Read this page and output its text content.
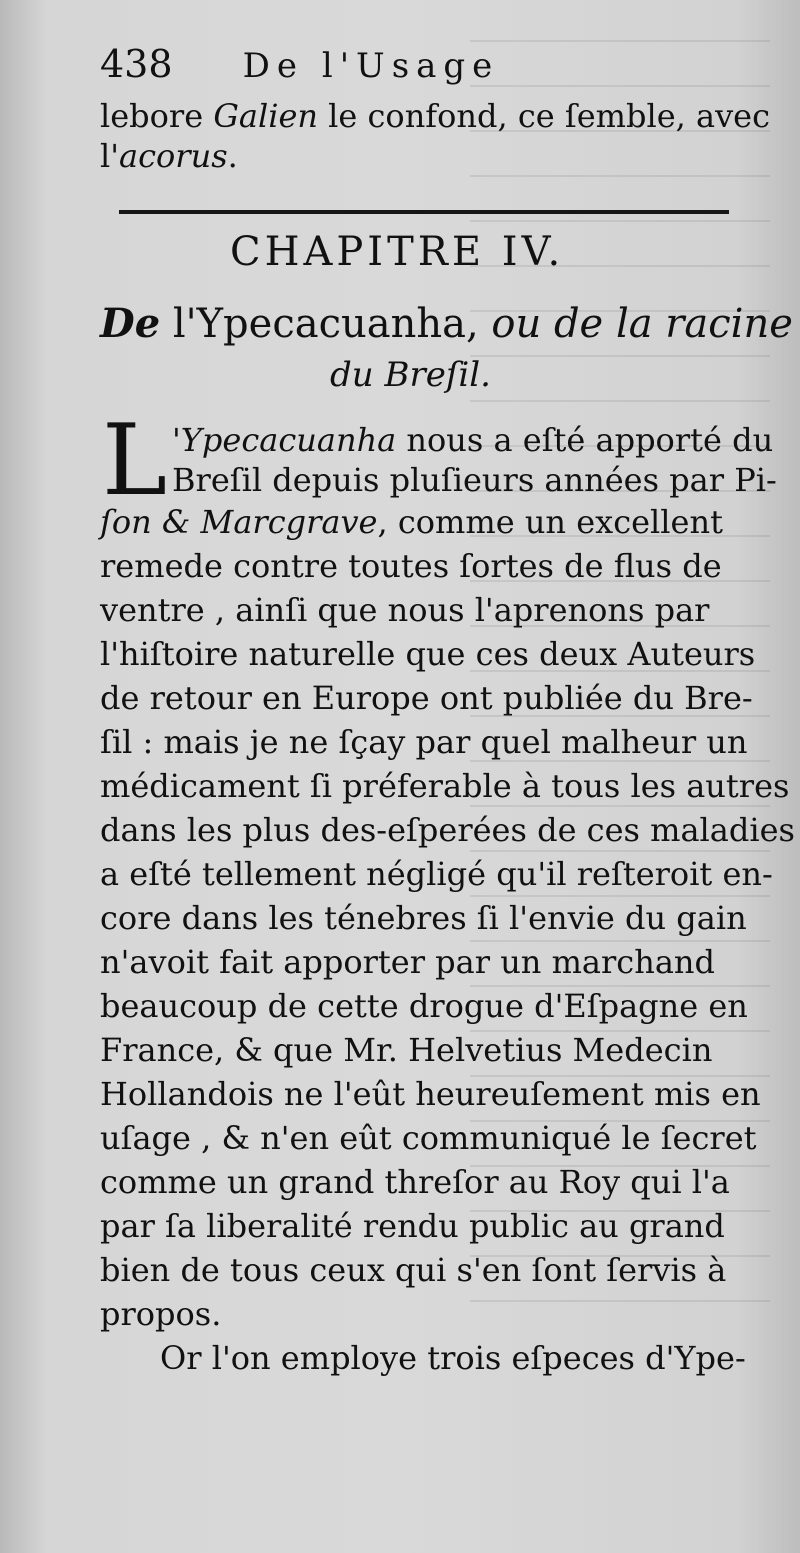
438 De l'Usage
lebore Galien le confond, ce ſemble, avec
l'acorus.
CHAPITRE IV.
De l'Ypecacuanha, ou de la racine
du Breſil.
L 'Ypecacuanha nous a eſté apporté du
Breſil depuis pluſieurs années par Pi-
ſon & Marcgrave, comme un excellent
remede contre toutes ſortes de flus de
ventre , ainſi que nous l'aprenons par
l'hiſtoire naturelle que ces deux Auteurs
de retour en Europe ont publiée du Bre-
ſil : mais je ne ſçay par quel malheur un
médicament ſi préferable à tous les autres
dans les plus des-eſperées de ces maladies
a eſté tellement négligé qu'il reſteroit en-
core dans les ténebres ſi l'envie du gain
n'avoit fait apporter par un marchand
beaucoup de cette drogue d'Eſpagne en
France, & que Mr. Helvetius Medecin
Hollandois ne l'eût heureuſement mis en
uſage , & n'en eût communiqué le ſecret
comme un grand threſor au Roy qui l'a
par ſa liberalité rendu public au grand
bien de tous ceux qui s'en ſont ſervis à
propos.
Or l'on employe trois eſpeces d'Ype-
